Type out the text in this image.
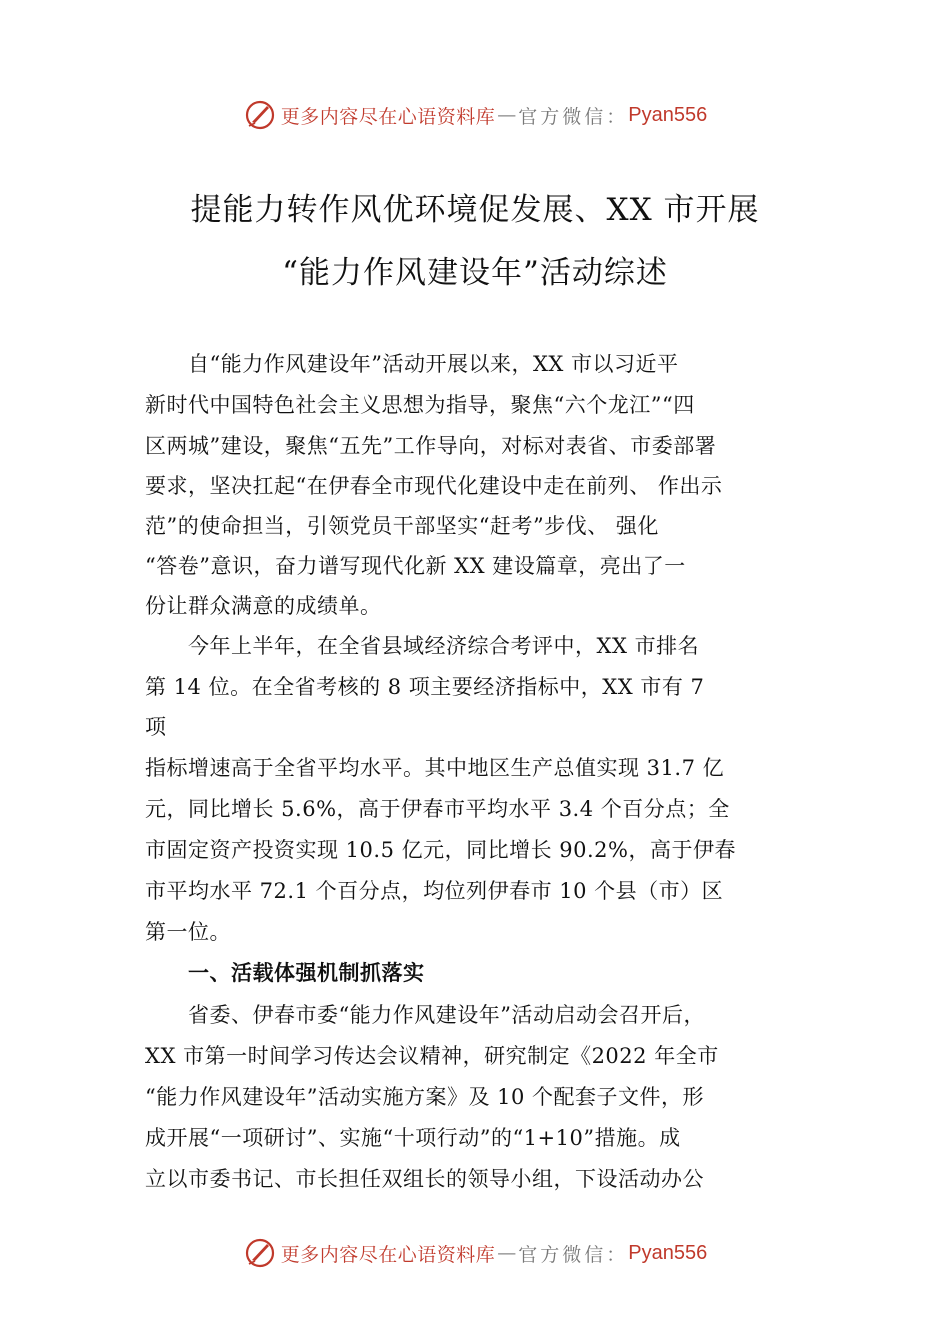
更多内容尽在心语资料库 — 官方微信： Pyan556
提能力转作风优环境促发展、XX 市开展
“能力作风建设年”活动综述
　　自“能力作风建设年”活动开展以来，XX 市以习近平
新时代中国特色社会主义思想为指导，聚焦“六个龙江”“四
区两城”建设，聚焦“五先”工作导向，对标对表省、市委部署
要求，坚决扛起“在伊春全市现代化建设中走在前列、 作出示
范”的使命担当，引领党员干部坚实“赶考”步伐、 强化
“答卷”意识，奋力谱写现代化新 XX 建设篇章，亮出了一
份让群众满意的成绩单。
　　今年上半年，在全省县域经济综合考评中，XX 市排名
第 14 位。在全省考核的 8 项主要经济指标中，XX 市有 7
项
指标增速高于全省平均水平。其中地区生产总值实现 31.7 亿
元，同比增长 5.6%，高于伊春市平均水平 3.4 个百分点；全
市固定资产投资实现 10.5 亿元，同比增长 90.2%，高于伊春
市平均水平 72.1 个百分点，均位列伊春市 10 个县（市）区
第一位。
　　一、活载体强机制抓落实
　　省委、伊春市委“能力作风建设年”活动启动会召开后，
XX 市第一时间学习传达会议精神，研究制定《2022 年全市
“能力作风建设年”活动实施方案》及 10 个配套子文件，形
成开展“一项研讨”、实施“十项行动”的“1+10”措施。成
立以市委书记、市长担任双组长的领导小组，下设活动办公
更多内容尽在心语资料库 — 官方微信： Pyan556
